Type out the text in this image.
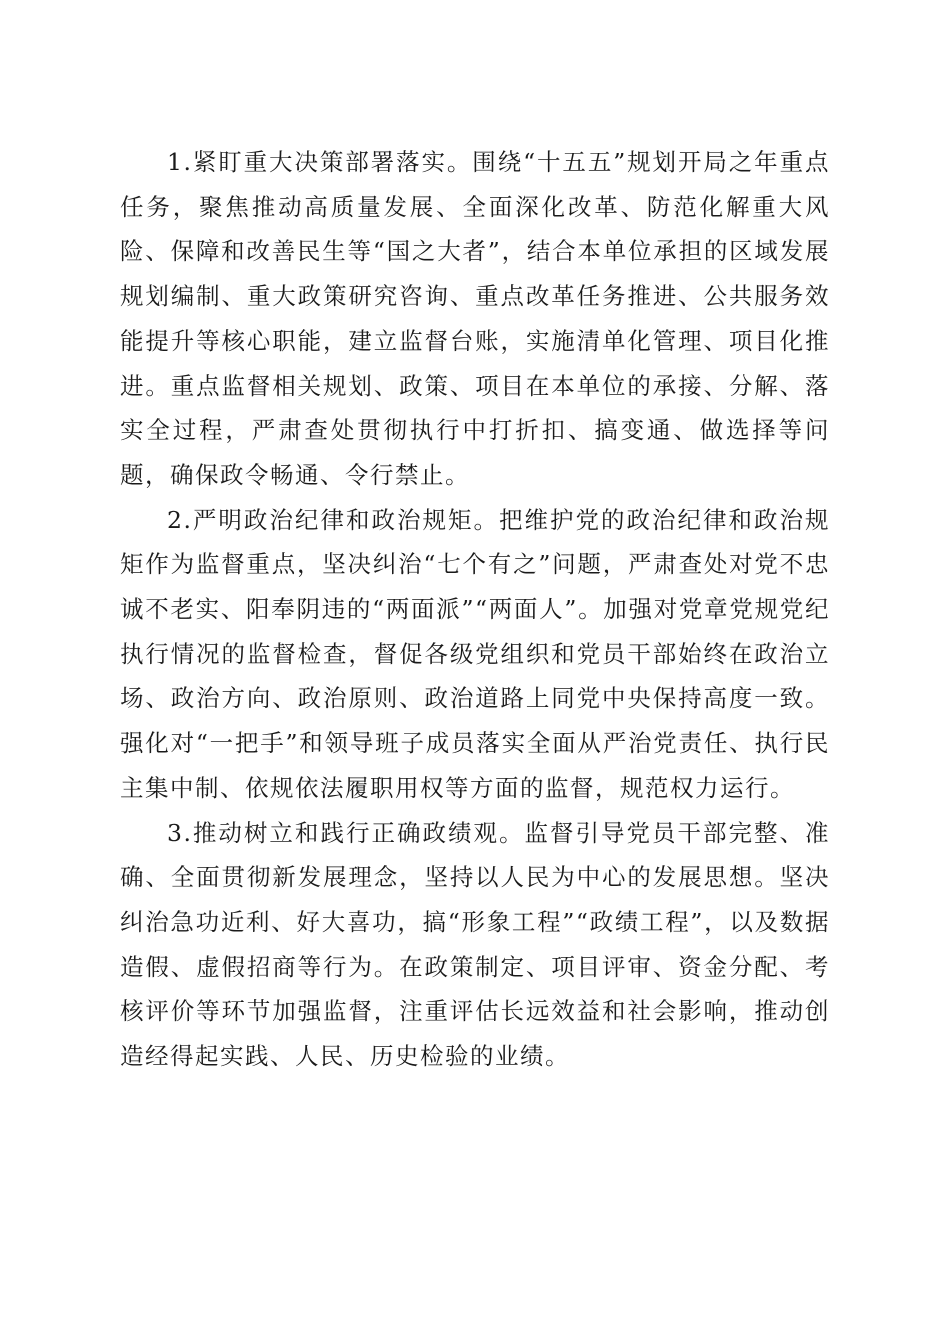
1.紧盯重大决策部署落实。围绕“十五五”规划开局之年重点任务，聚焦推动高质量发展、全面深化改革、防范化解重大风险、保障和改善民生等“国之大者”，结合本单位承担的区域发展规划编制、重大政策研究咨询、重点改革任务推进、公共服务效能提升等核心职能，建立监督台账，实施清单化管理、项目化推进。重点监督相关规划、政策、项目在本单位的承接、分解、落实全过程，严肃查处贯彻执行中打折扣、搞变通、做选择等问题，确保政令畅通、令行禁止。

2.严明政治纪律和政治规矩。把维护党的政治纪律和政治规矩作为监督重点，坚决纠治“七个有之”问题，严肃查处对党不忠诚不老实、阳奉阴违的“两面派”“两面人”。加强对党章党规党纪执行情况的监督检查，督促各级党组织和党员干部始终在政治立场、政治方向、政治原则、政治道路上同党中央保持高度一致。强化对“一把手”和领导班子成员落实全面从严治党责任、执行民主集中制、依规依法履职用权等方面的监督，规范权力运行。

3.推动树立和践行正确政绩观。监督引导党员干部完整、准确、全面贯彻新发展理念，坚持以人民为中心的发展思想。坚决纠治急功近利、好大喜功，搞“形象工程”“政绩工程”，以及数据造假、虚假招商等行为。在政策制定、项目评审、资金分配、考核评价等环节加强监督，注重评估长远效益和社会影响，推动创造经得起实践、人民、历史检验的业绩。
